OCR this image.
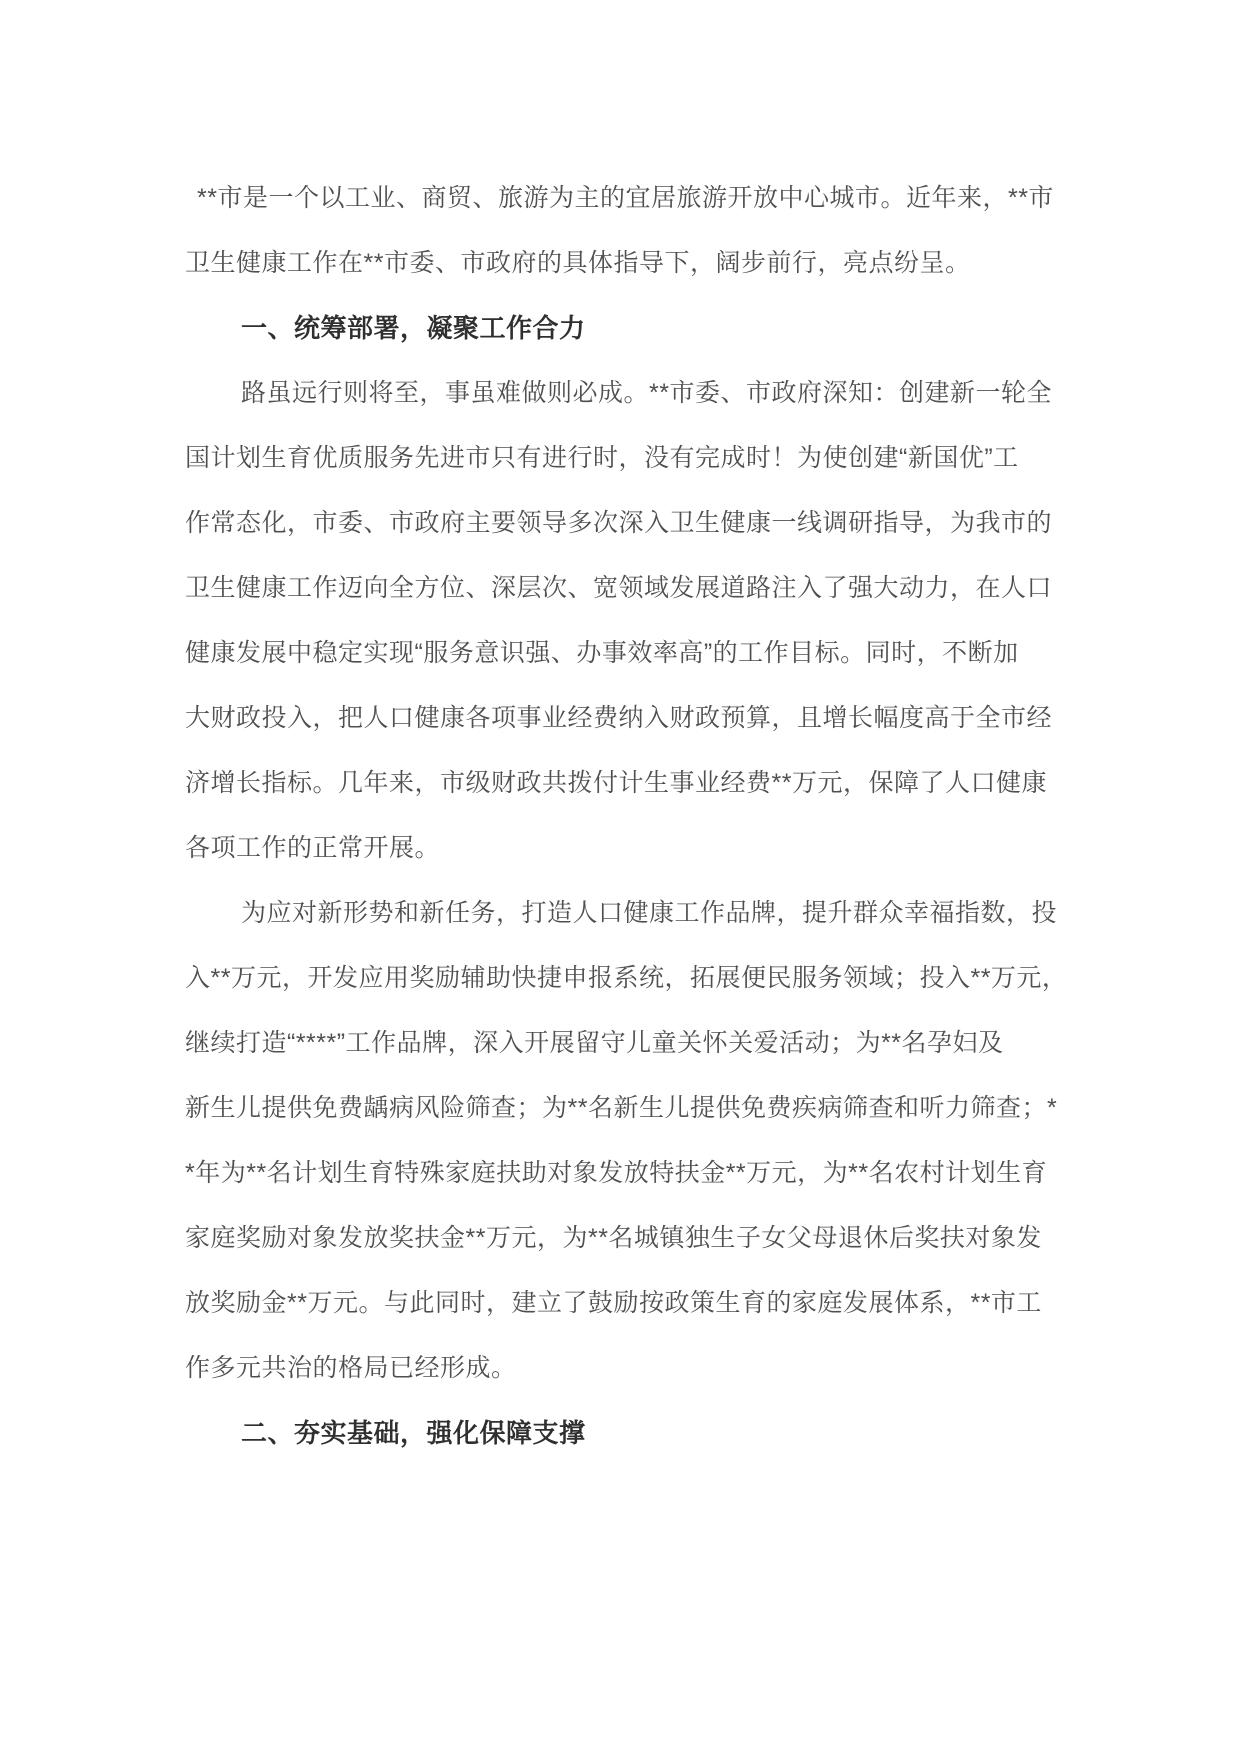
**市是一个以工业、商贸、旅游为主的宜居旅游开放中心城市。近年来，**市
卫生健康工作在**市委、市政府的具体指导下，阔步前行，亮点纷呈。
一、统筹部署，凝聚工作合力
路虽远行则将至，事虽难做则必成。**市委、市政府深知：创建新一轮全
国计划生育优质服务先进市只有进行时，没有完成时！为使创建“新国优”工
作常态化，市委、市政府主要领导多次深入卫生健康一线调研指导，为我市的
卫生健康工作迈向全方位、深层次、宽领域发展道路注入了强大动力，在人口
健康发展中稳定实现“服务意识强、办事效率高”的工作目标。同时，不断加
大财政投入，把人口健康各项事业经费纳入财政预算，且增长幅度高于全市经
济增长指标。几年来，市级财政共拨付计生事业经费**万元，保障了人口健康
各项工作的正常开展。
为应对新形势和新任务，打造人口健康工作品牌，提升群众幸福指数，投
入**万元，开发应用奖励辅助快捷申报系统，拓展便民服务领域；投入**万元，
继续打造“****”工作品牌，深入开展留守儿童关怀关爱活动；为**名孕妇及
新生儿提供免费龋病风险筛查；为**名新生儿提供免费疾病筛查和听力筛查；*
*年为**名计划生育特殊家庭扶助对象发放特扶金**万元，为**名农村计划生育
家庭奖励对象发放奖扶金**万元，为**名城镇独生子女父母退休后奖扶对象发
放奖励金**万元。与此同时，建立了鼓励按政策生育的家庭发展体系，**市工
作多元共治的格局已经形成。
二、夯实基础，强化保障支撑
